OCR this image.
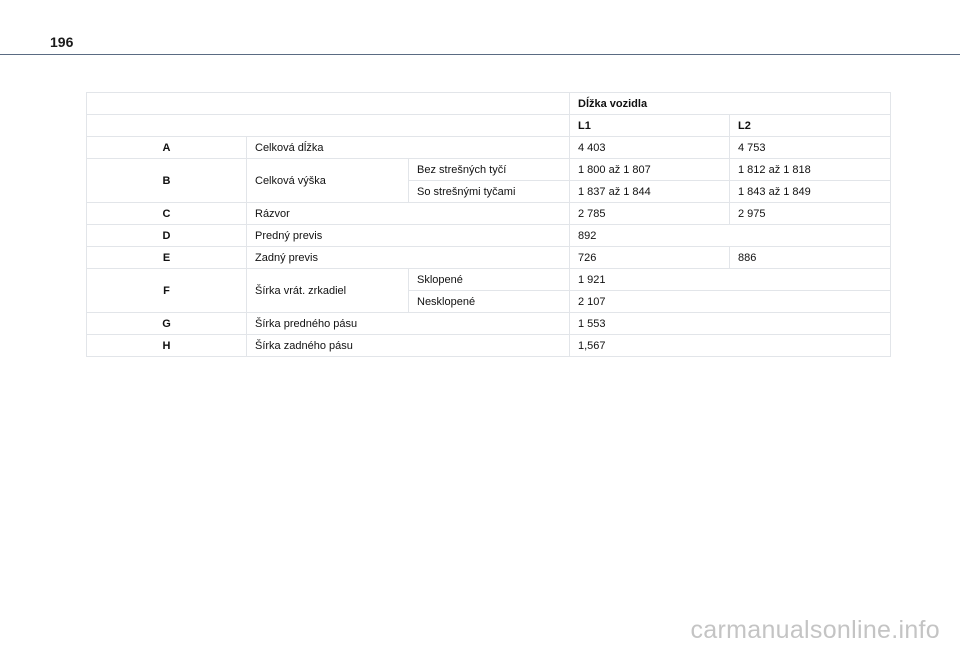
196
			Dĺžka vozidla	
			L1	L2
A	Celková dĺžka		4 403	4 753
B	Celková výška	Bez strešných tyčí	1 800 až 1 807	1 812 až 1 818
		So strešnými tyčami	1 837 až 1 844	1 843 až 1 849
C	Rázvor		2 785	2 975
D	Predný previs		892	
E	Zadný previs		726	886
F	Šírka vrát. zrkadiel	Sklopené	1 921	
		Nesklopené	2 107	
G	Šírka predného pásu		1 553	
H	Šírka zadného pásu		1,567	
carmanualsonline.info
